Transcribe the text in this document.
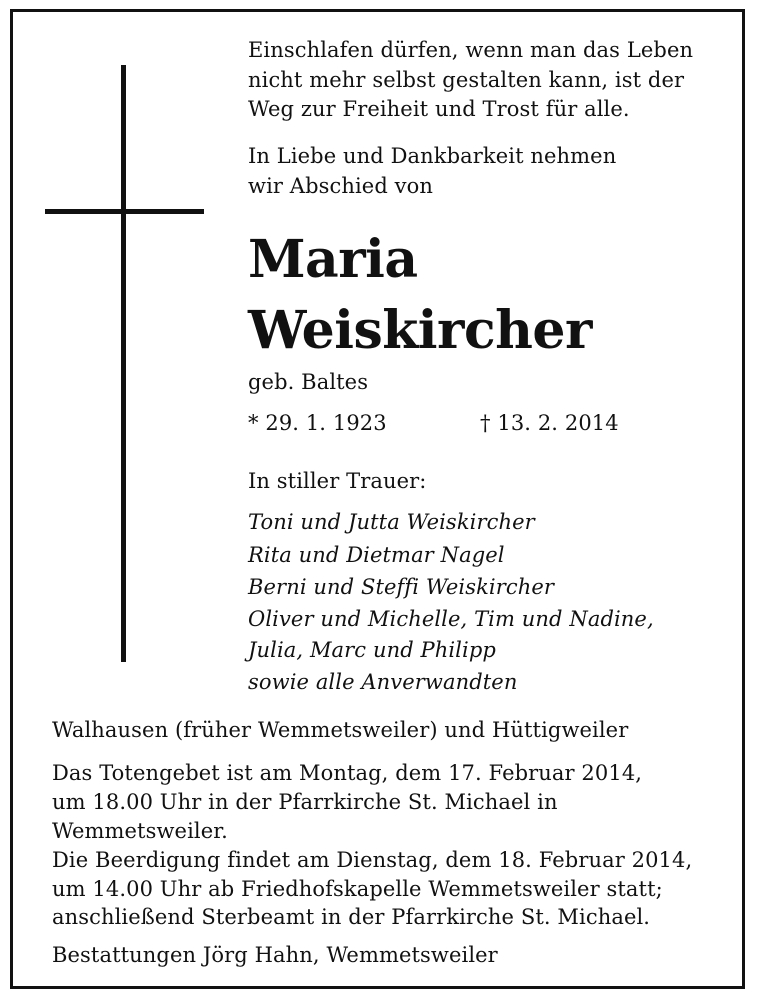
Einschlafen dürfen, wenn man das Leben
nicht mehr selbst gestalten kann, ist der
Weg zur Freiheit und Trost für alle.
In Liebe und Dankbarkeit nehmen
wir Abschied von
Maria
Weiskircher
geb. Baltes
* 29. 1. 1923	† 13. 2. 2014
In stiller Trauer:
Toni und Jutta Weiskircher
Rita und Dietmar Nagel
Berni und Steffi Weiskircher
Oliver und Michelle, Tim und Nadine,
Julia, Marc und Philipp
sowie alle Anverwandten
Walhausen (früher Wemmetsweiler) und Hüttigweiler
Das Totengebet ist am Montag, dem 17. Februar 2014,
um 18.00 Uhr in der Pfarrkirche St. Michael in
Wemmetsweiler.
Die Beerdigung findet am Dienstag, dem 18. Februar 2014,
um 14.00 Uhr ab Friedhofskapelle Wemmetsweiler statt;
anschließend Sterbeamt in der Pfarrkirche St. Michael.
Bestattungen Jörg Hahn, Wemmetsweiler
